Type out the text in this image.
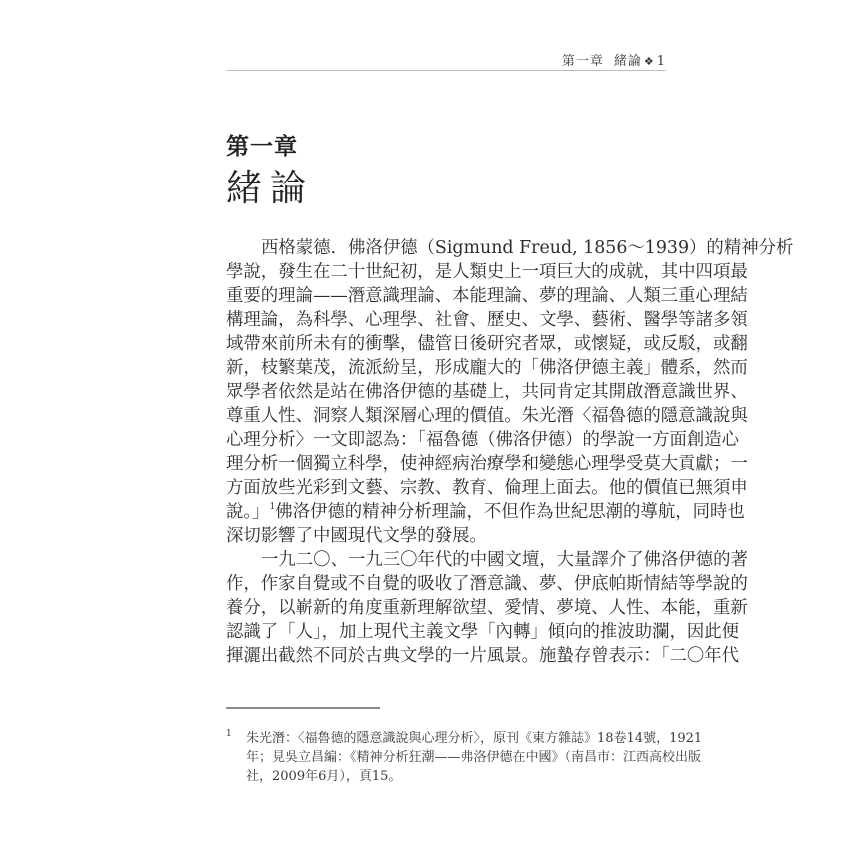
第一章 緒論 ❖ 1
第一章
緒論
西格蒙德．佛洛伊德（Sigmund Freud, 1856～1939）的精神分析
學說，發生在二十世紀初，是人類史上一項巨大的成就，其中四項最
重要的理論——潛意識理論、本能理論、夢的理論、人類三重心理結
構理論，為科學、心理學、社會、歷史、文學、藝術、醫學等諸多領
域帶來前所未有的衝擊，儘管日後研究者眾，或懷疑，或反駁，或翻
新，枝繁葉茂，流派紛呈，形成龐大的「佛洛伊德主義」體系，然而
眾學者依然是站在佛洛伊德的基礎上，共同肯定其開啟潛意識世界、
尊重人性、洞察人類深層心理的價值。朱光潛〈福魯德的隱意識說與
心理分析〉一文即認為：「福魯德（佛洛伊德）的學說一方面創造心
理分析一個獨立科學，使神經病治療學和變態心理學受莫大貢獻；一
方面放些光彩到文藝、宗教、教育、倫理上面去。他的價值已無須申
說。」$^1$佛洛伊德的精神分析理論，不但作為世紀思潮的導航，同時也
深切影響了中國現代文學的發展。
一九二〇、一九三〇年代的中國文壇，大量譯介了佛洛伊德的著
作，作家自覺或不自覺的吸收了潛意識、夢、伊底帕斯情結等學說的
養分，以嶄新的角度重新理解欲望、愛情、夢境、人性、本能，重新
認識了「人」，加上現代主義文學「內轉」傾向的推波助瀾，因此便
揮灑出截然不同於古典文學的一片風景。施蟄存曾表示：「二〇年代
1	朱光潛：〈福魯德的隱意識說與心理分析〉，原刊《東方雜誌》18卷14號，1921
年；見吳立昌編：《精神分析狂潮——弗洛伊德在中國》（南昌市：江西高校出版
社，2009年6月），頁15。
